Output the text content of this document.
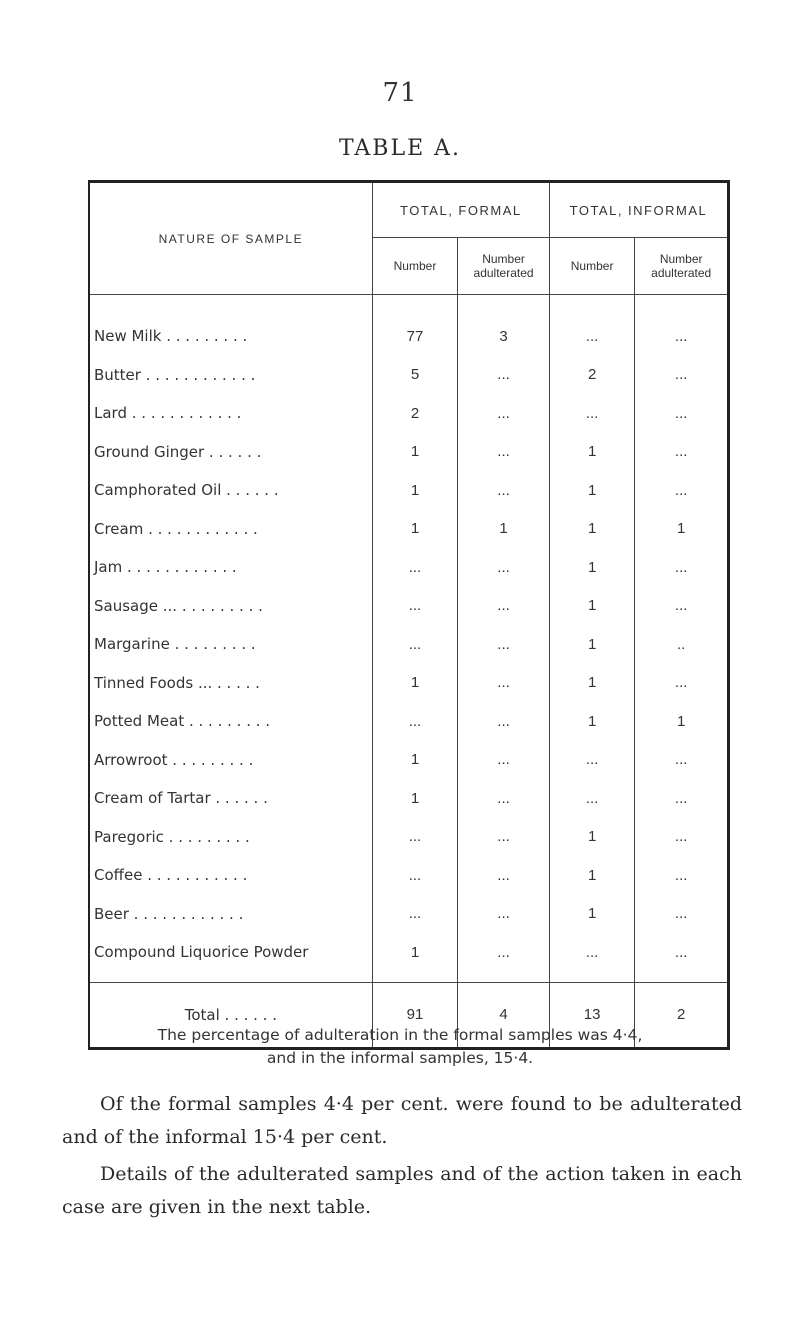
71
TABLE A.
NATURE OF SAMPLE	TOTAL, FORMAL		TOTAL, INFORMAL	
	Number	Number adulterated	Number	Number adulterated
New Milk . . . . . . . . .	77	3	...	...
Butter . . . . . . . . . . . .	5	...	2	...
Lard . . . . . . . . . . . .	2	...	...	...
Ground Ginger . . . . . .	1	...	1	...
Camphorated Oil . . . . . .	1	...	1	...
Cream . . . . . . . . . . . .	1	1	1	1
Jam . . . . . . . . . . . .	...	...	1	...
Sausage ... . . . . . . . . .	...	...	1	...
Margarine . . . . . . . . .	...	...	1	..
Tinned Foods ... . . . . .	1	...	1	...
Potted Meat . . . . . . . . .	...	...	1	1
Arrowroot . . . . . . . . .	1	...	...	...
Cream of Tartar . . . . . .	1	...	...	...
Paregoric . . . . . . . . .	...	...	1	...
Coffee . . . . . . . . . . .	...	...	1	...
Beer . . . . . . . . . . . .	...	...	1	...
Compound Liquorice Powder	1	...	...	...
Total . . . . . .	91	4	13	2
The percentage of adulteration in the formal samples was 4·4,
and in the informal samples, 15·4.
Of the formal samples 4·4 per cent. were found to be adulterated and of the informal 15·4 per cent.
Details of the adulterated samples and of the action taken in each case are given in the next table.
